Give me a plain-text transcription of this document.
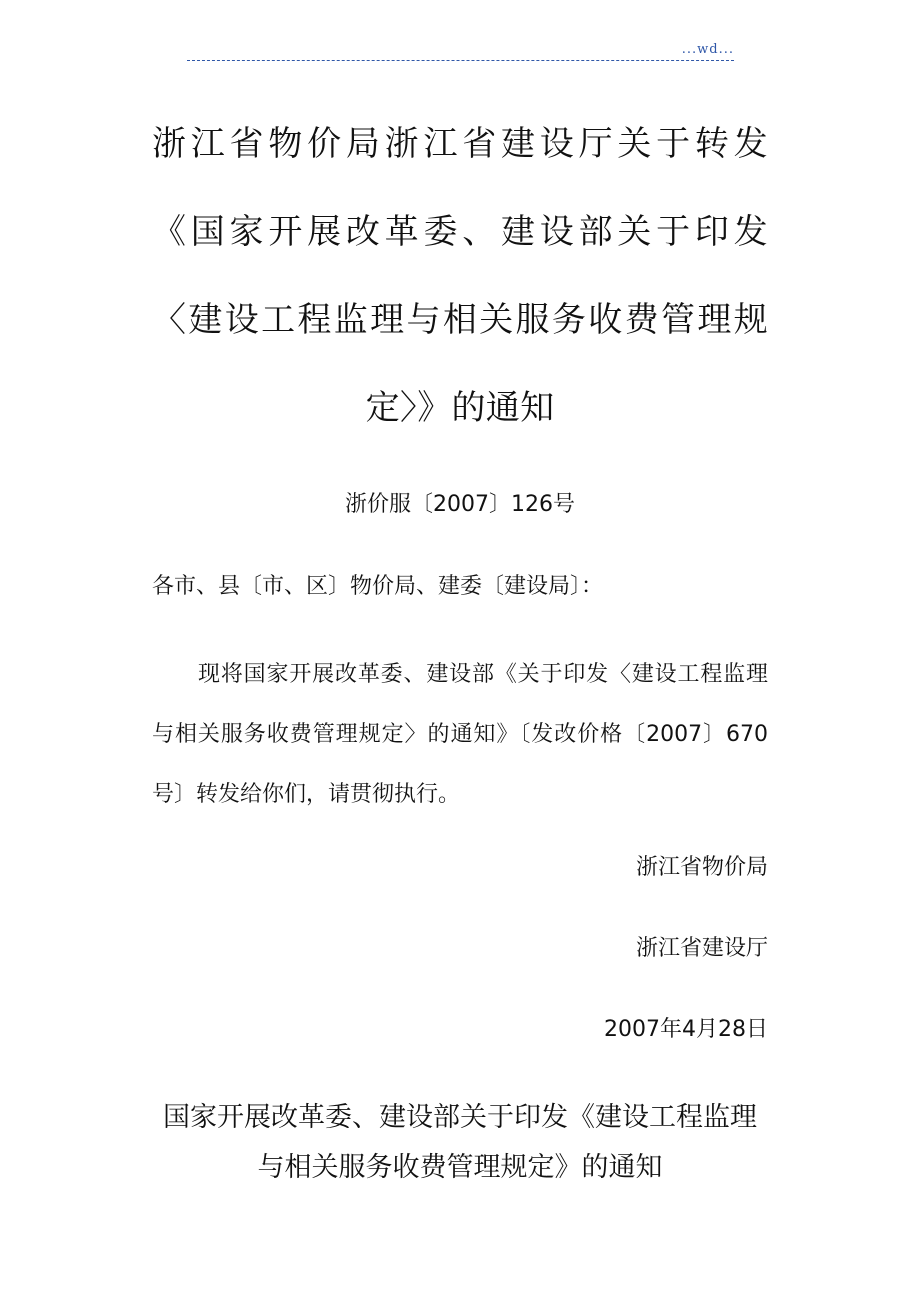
...wd...
浙江省物价局浙江省建设厅关于转发《国家开展改革委、建设部关于印发〈建设工程监理与相关服务收费管理规定〉》的通知

浙价服〔2007〕126号

各市、县〔市、区〕物价局、建委〔建设局〕：

现将国家开展改革委、建设部《关于印发〈建设工程监理与相关服务收费管理规定〉的通知》〔发改价格〔2007〕670号〕转发给你们，请贯彻执行。

浙江省物价局

浙江省建设厅

2007年4月28日

国家开展改革委、建设部关于印发《建设工程监理与相关服务收费管理规定》的通知
